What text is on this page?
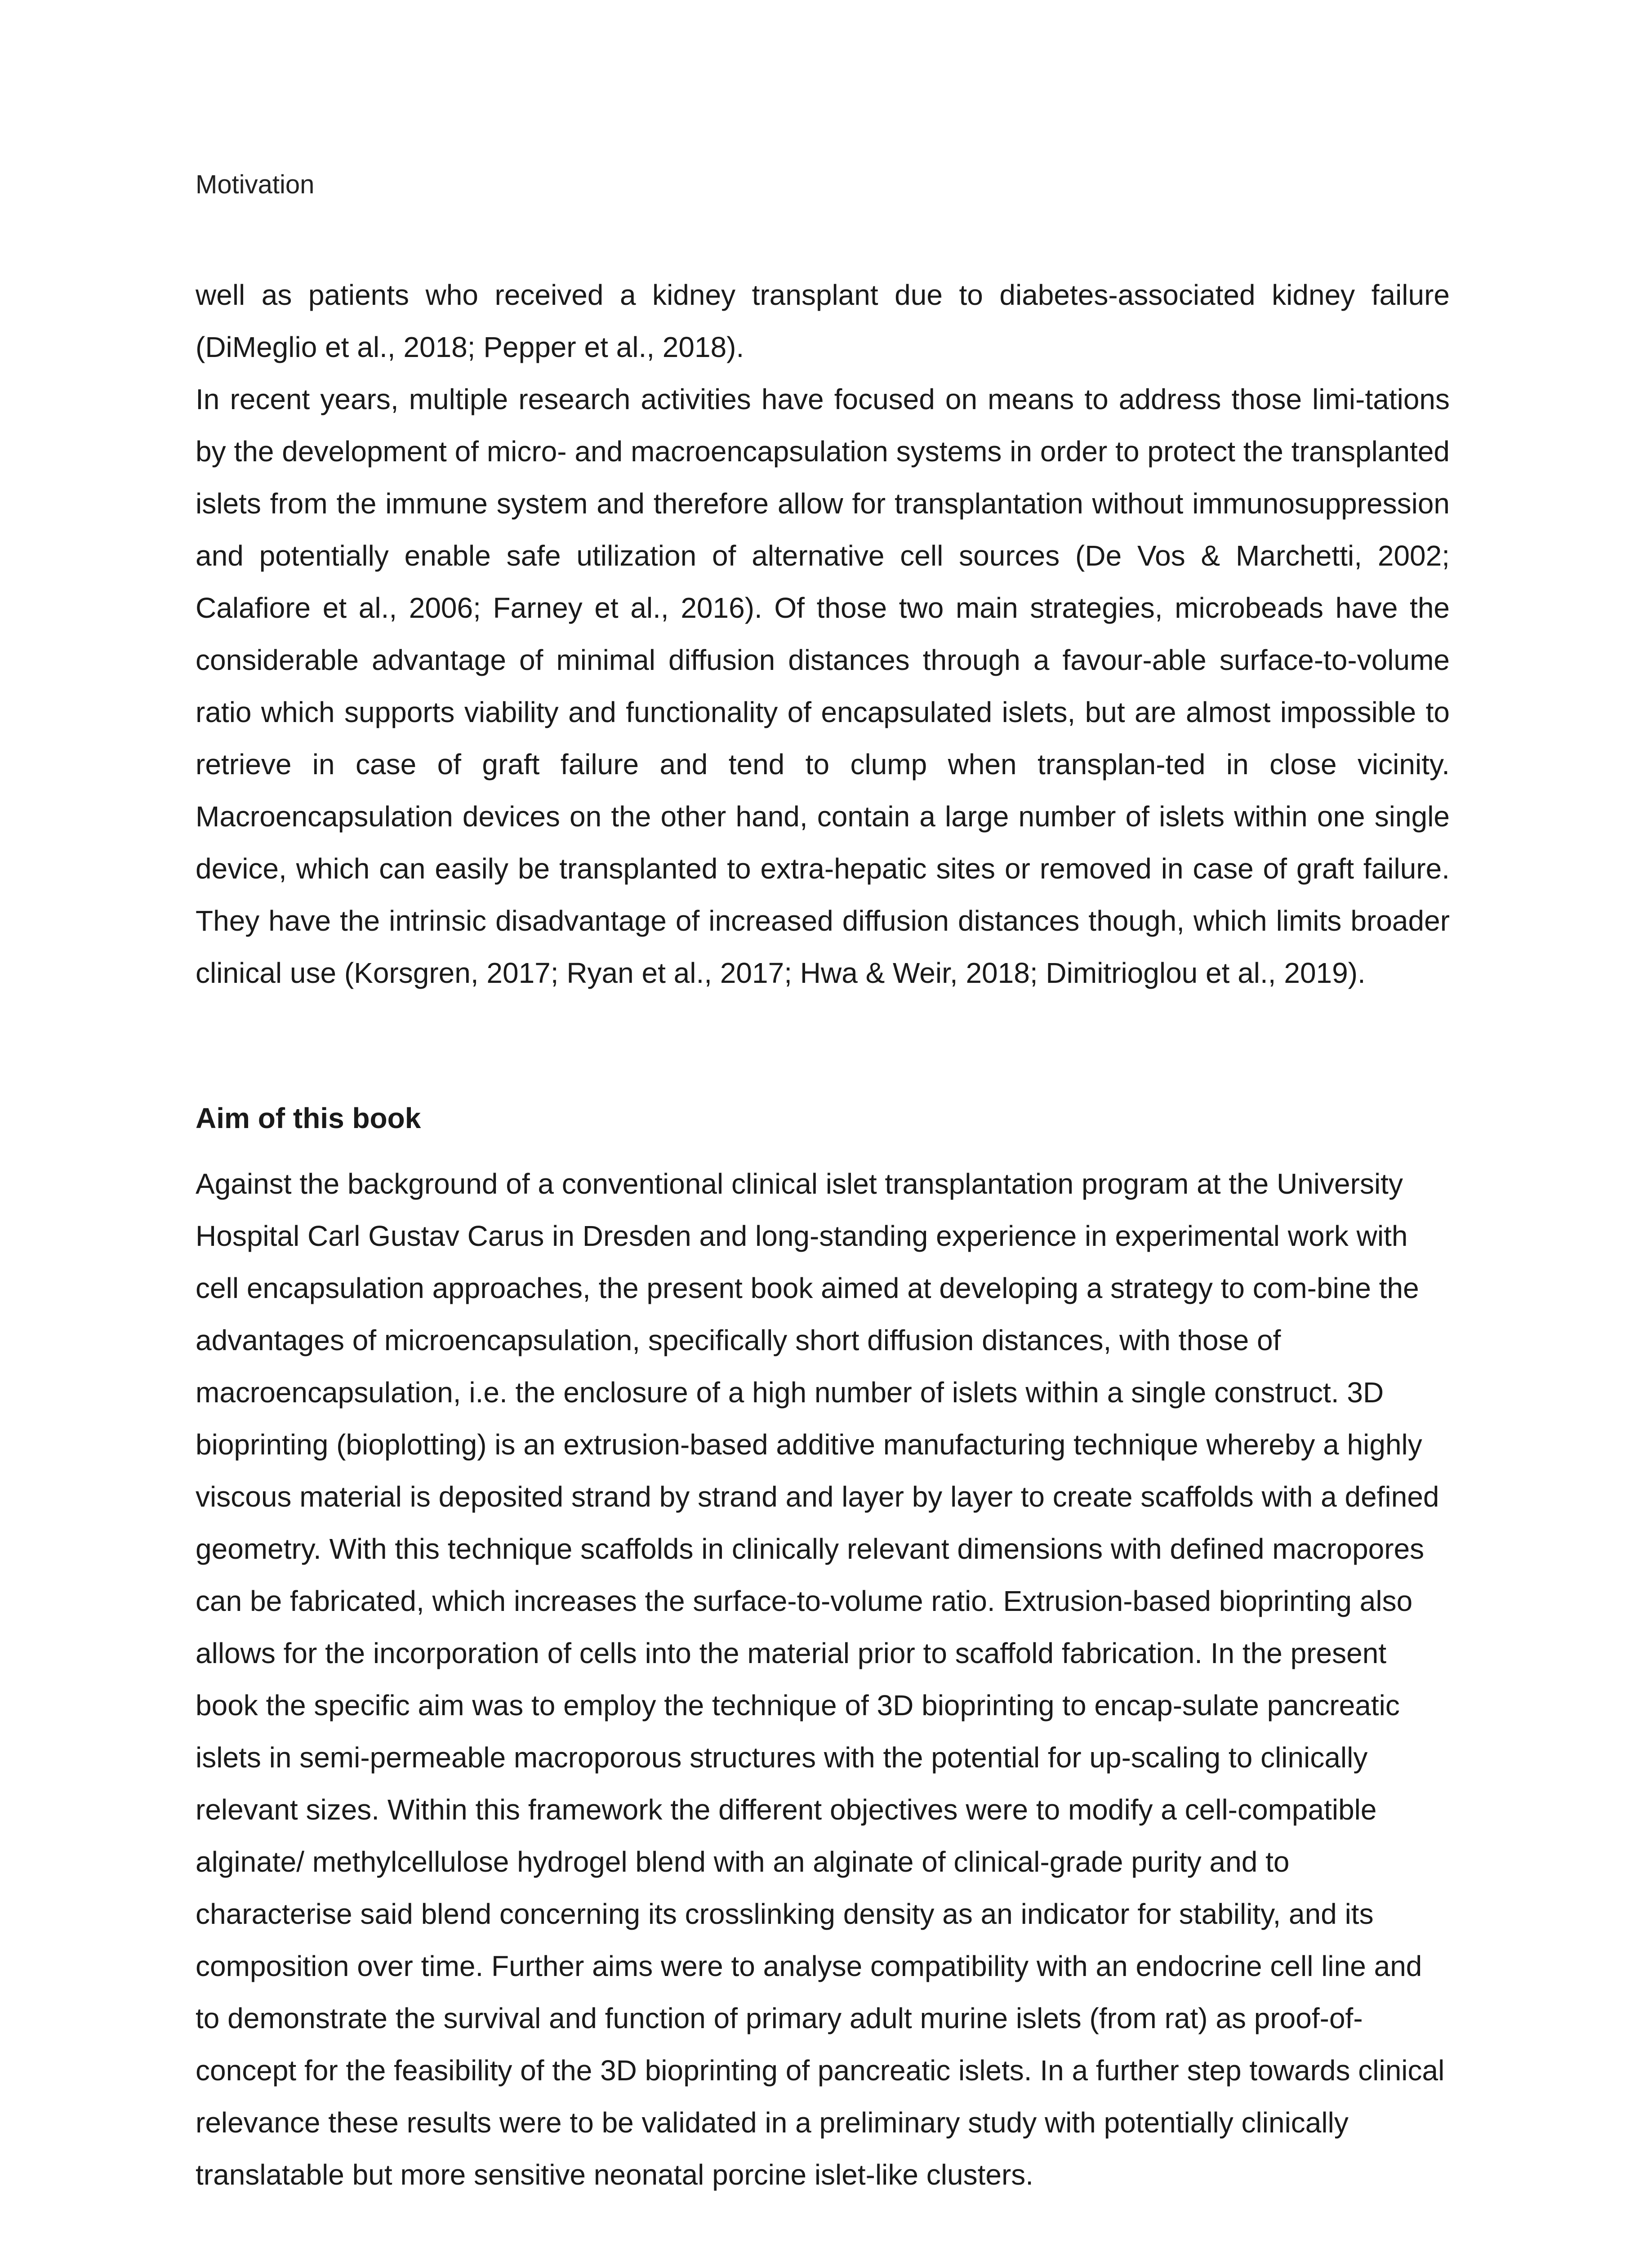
Motivation

well as patients who received a kidney transplant due to diabetes-associated kidney failure (DiMeglio et al., 2018; Pepper et al., 2018).

In recent years, multiple research activities have focused on means to address those limi-tations by the development of micro- and macroencapsulation systems in order to protect the transplanted islets from the immune system and therefore allow for transplantation without immunosuppression and potentially enable safe utilization of alternative cell sources (De Vos & Marchetti, 2002; Calafiore et al., 2006; Farney et al., 2016). Of those two main strategies, microbeads have the considerable advantage of minimal diffusion distances through a favour-able surface-to-volume ratio which supports viability and functionality of encapsulated islets, but are almost impossible to retrieve in case of graft failure and tend to clump when transplan-ted in close vicinity. Macroencapsulation devices on the other hand, contain a large number of islets within one single device, which can easily be transplanted to extra-hepatic sites or removed in case of graft failure. They have the intrinsic disadvantage of increased diffusion distances though, which limits broader clinical use (Korsgren, 2017; Ryan et al., 2017; Hwa & Weir, 2018; Dimitrioglou et al., 2019).

Aim of this book

Against the background of a conventional clinical islet transplantation program at the University Hospital Carl Gustav Carus in Dresden and long-standing experience in experimental work with cell encapsulation approaches, the present book aimed at developing a strategy to com-bine the advantages of microencapsulation, specifically short diffusion distances, with those of macroencapsulation, i.e. the enclosure of a high number of islets within a single construct. 3D bioprinting (bioplotting) is an extrusion-based additive manufacturing technique whereby a highly viscous material is deposited strand by strand and layer by layer to create scaffolds with a defined geometry. With this technique scaffolds in clinically relevant dimensions with defined macropores can be fabricated, which increases the surface-to-volume ratio. Extrusion-based bioprinting also allows for the incorporation of cells into the material prior to scaffold fabrication. In the present book the specific aim was to employ the technique of 3D bioprinting to encap-sulate pancreatic islets in semi-permeable macroporous structures with the potential for up-scaling to clinically relevant sizes. Within this framework the different objectives were to modify a cell-compatible alginate/ methylcellulose hydrogel blend with an alginate of clinical-grade purity and to characterise said blend concerning its crosslinking density as an indicator for stability, and its composition over time. Further aims were to analyse compatibility with an endocrine cell line and to demonstrate the survival and function of primary adult murine islets (from rat) as proof-of-concept for the feasibility of the 3D bioprinting of pancreatic islets. In a further step towards clinical relevance these results were to be validated in a preliminary study with potentially clinically translatable but more sensitive neonatal porcine islet-like clusters.
